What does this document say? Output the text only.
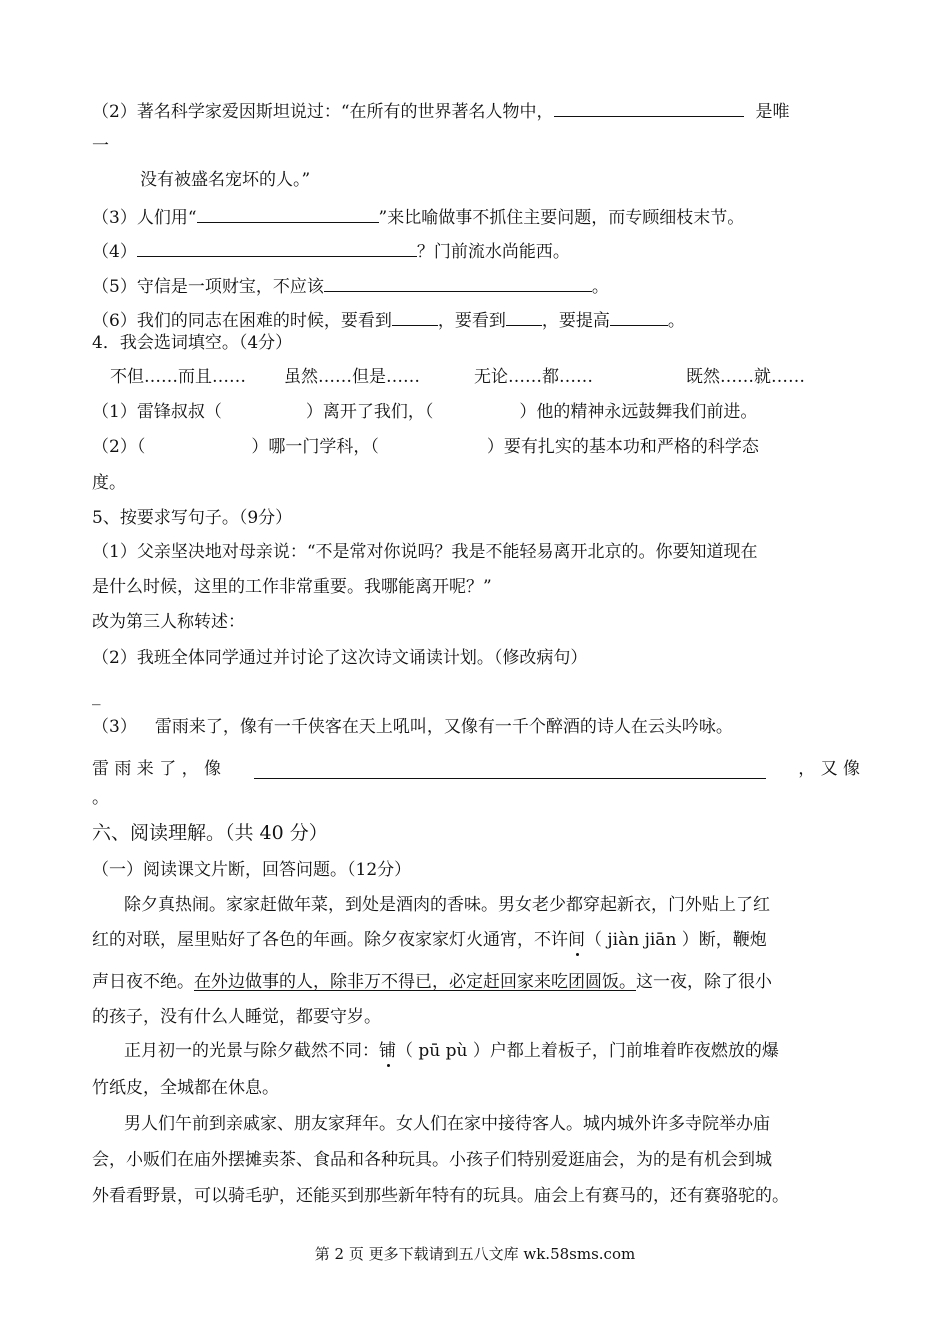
（2）著名科学家爱因斯坦说过：“在所有的世界著名人物中，	是唯
一
没有被盛名宠坏的人。”
（3）人们用“	”来比喻做事不抓住主要问题，而专顾细枝末节。
（4）	？门前流水尚能西。
（5）守信是一项财宝，不应该	。
（6）我们的同志在困难的时候，要看到	，要看到 ，要提高	。
4．我会选词填空。（4分）
不但……而且…… 虽然……但是……	无论……都……	既然……就……
（1）雷锋叔叔（	）离开了我们，（	）他的精神永远鼓舞我们前进。
（2）（	）哪一门学科，（	）要有扎实的基本功和严格的科学态
度。
5、按要求写句子。（9分）
（1）父亲坚决地对母亲说：“不是常对你说吗？我是不能轻易离开北京的。你要知道现在
是什么时候，这里的工作非常重要。我哪能离开呢？”
改为第三人称转述：
（2）我班全体同学通过并讨论了这次诗文诵读计划。（修改病句）
_
（3） 雷雨来了，像有一千侠客在天上吼叫，又像有一千个醉酒的诗人在云头吟咏。
雷 雨 来 了 ， 像	， 又 像
。
六、阅读理解。（共 40 分）
（一）阅读课文片断，回答问题。（12分）
除夕真热闹。家家赶做年菜，到处是酒肉的香味。男女老少都穿起新衣，门外贴上了红
红的对联，屋里贴好了各色的年画。除夕夜家家灯火通宵，不许间（ jiàn jiān ）断，鞭炮
声日夜不绝。在外边做事的人，除非万不得已，必定赶回家来吃团圆饭。这一夜，除了很小
的孩子，没有什么人睡觉，都要守岁。
正月初一的光景与除夕截然不同：铺（ pū pù ）户都上着板子，门前堆着昨夜燃放的爆
竹纸皮，全城都在休息。
男人们午前到亲戚家、朋友家拜年。女人们在家中接待客人。城内城外许多寺院举办庙
会，小贩们在庙外摆摊卖茶、食品和各种玩具。小孩子们特别爱逛庙会，为的是有机会到城
外看看野景，可以骑毛驴，还能买到那些新年特有的玩具。庙会上有赛马的，还有赛骆驼的。
第 2 页 更多下载请到五八文库 wk.58sms.com
